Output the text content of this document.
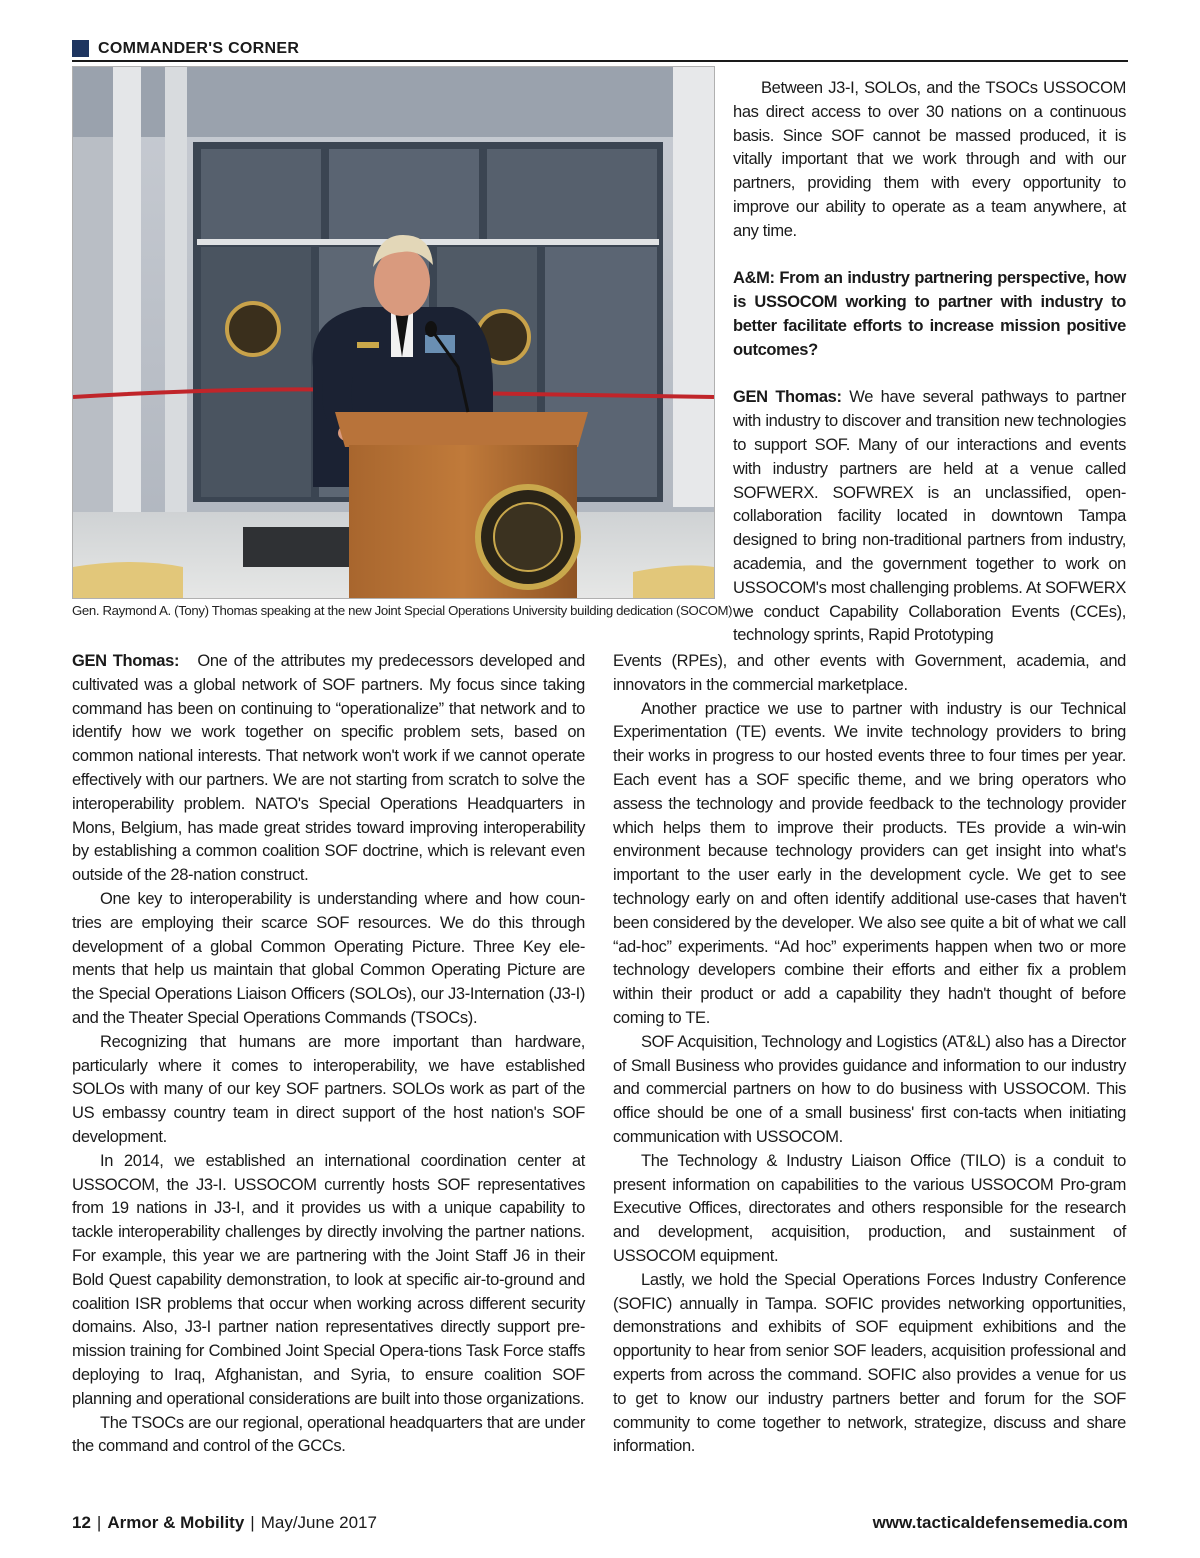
COMMANDER'S CORNER
Gen. Raymond A. (Tony) Thomas speaking at the new Joint Special Operations University building dedication (SOCOM)

Between J3-I, SOLOs, and the TSOCs USSOCOM has direct access to over 30 nations on a continuous basis. Since SOF cannot be massed produced, it is vitally important that we work through and with our partners, providing them with every opportunity to improve our ability to operate as a team anywhere, at any time.

A&M: From an industry partnering perspective, how is USSOCOM working to partner with industry to better facilitate efforts to increase mission positive outcomes?

GEN Thomas: We have several pathways to partner with industry to discover and transition new technologies to support SOF. Many of our interactions and events with industry partners are held at a venue called SOFWERX. SOFWREX is an unclassified, open-collaboration facility located in downtown Tampa designed to bring non-traditional partners from industry, academia, and the government together to work on USSOCOM's most challenging problems. At SOFWERX we conduct Capability Collaboration Events (CCEs), technology sprints, Rapid Prototyping

GEN Thomas: One of the attributes my predecessors developed and cultivated was a global network of SOF partners. My focus since taking command has been on continuing to “operationalize” that network and to identify how we work together on specific problem sets, based on common national interests. That network won't work if we cannot operate effectively with our partners. We are not starting from scratch to solve the interoperability problem. NATO's Special Operations Headquarters in Mons, Belgium, has made great strides toward improving interoperability by establishing a common coalition SOF doctrine, which is relevant even outside of the 28-nation construct.

One key to interoperability is understanding where and how coun-tries are employing their scarce SOF resources. We do this through development of a global Common Operating Picture. Three Key ele-ments that help us maintain that global Common Operating Picture are the Special Operations Liaison Officers (SOLOs), our J3-Internation (J3-I) and the Theater Special Operations Commands (TSOCs).

Recognizing that humans are more important than hardware, particularly where it comes to interoperability, we have established SOLOs with many of our key SOF partners. SOLOs work as part of the US embassy country team in direct support of the host nation's SOF development.

In 2014, we established an international coordination center at USSOCOM, the J3-I. USSOCOM currently hosts SOF representatives from 19 nations in J3-I, and it provides us with a unique capability to tackle interoperability challenges by directly involving the partner nations. For example, this year we are partnering with the Joint Staff J6 in their Bold Quest capability demonstration, to look at specific air-to-ground and coalition ISR problems that occur when working across different security domains. Also, J3-I partner nation representatives directly support pre-mission training for Combined Joint Special Opera-tions Task Force staffs deploying to Iraq, Afghanistan, and Syria, to ensure coalition SOF planning and operational considerations are built into those organizations.

The TSOCs are our regional, operational headquarters that are under the command and control of the GCCs.

Events (RPEs), and other events with Government, academia, and innovators in the commercial marketplace.

Another practice we use to partner with industry is our Technical Experimentation (TE) events. We invite technology providers to bring their works in progress to our hosted events three to four times per year. Each event has a SOF specific theme, and we bring operators who assess the technology and provide feedback to the technology provider which helps them to improve their products. TEs provide a win-win environment because technology providers can get insight into what's important to the user early in the development cycle. We get to see technology early on and often identify additional use-cases that haven't been considered by the developer. We also see quite a bit of what we call “ad-hoc” experiments. “Ad hoc” experiments happen when two or more technology developers combine their efforts and either fix a problem within their product or add a capability they hadn't thought of before coming to TE.

SOF Acquisition, Technology and Logistics (AT&L) also has a Director of Small Business who provides guidance and information to our industry and commercial partners on how to do business with USSOCOM. This office should be one of a small business' first con-tacts when initiating communication with USSOCOM.

The Technology & Industry Liaison Office (TILO) is a conduit to present information on capabilities to the various USSOCOM Pro-gram Executive Offices, directorates and others responsible for the research and development, acquisition, production, and sustainment of USSOCOM equipment.

Lastly, we hold the Special Operations Forces Industry Conference (SOFIC) annually in Tampa. SOFIC provides networking opportunities, demonstrations and exhibits of SOF equipment exhibitions and the opportunity to hear from senior SOF leaders, acquisition professional and experts from across the command. SOFIC also provides a venue for us to get to know our industry partners better and forum for the SOF community to come together to network, strategize, discuss and share information.

12 | Armor & Mobility | May/June 2017	www.tacticaldefensemedia.com
